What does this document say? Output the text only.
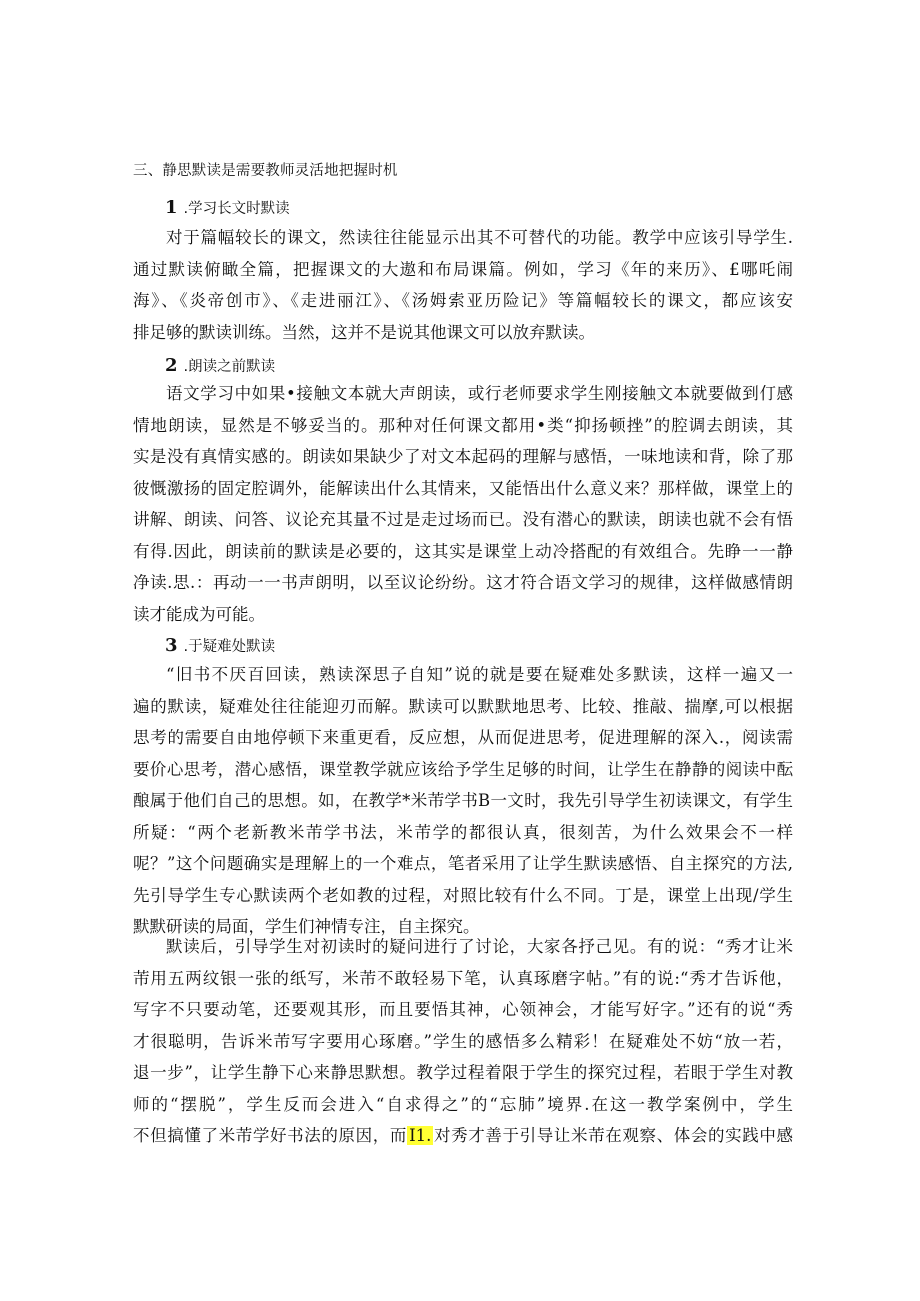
三、静思默读是需要教师灵活地把握时机
1 .学习长文时默读
对于篇幅较长的课文，然读往往能显示出其不可替代的功能。教学中应该引导学生.
通过默读俯瞰全篇，把握课文的大遨和布局课篇。例如，学习《年的来历》、£哪吒闹
海》、《炎帝创市》、《走进丽江》、《汤姆索亚历险记》等篇幅较长的课文，都应该安
排足够的默读训练。当然，这并不是说其他课文可以放弃默读。
2 .朗读之前默读
语文学习中如果•接触文本就大声朗读，或行老师要求学生刚接触文本就要做到仃感
情地朗读，显然是不够妥当的。那种对任何课文都用•类“抑扬顿挫”的腔调去朗读，其
实是没有真情实感的。朗读如果缺少了对文本起码的理解与感悟，一味地读和背，除了那
彼慨激扬的固定腔调外，能解读出什么其情来，又能悟出什么意义来？那样做，课堂上的
讲解、朗读、问答、议论充其量不过是走过场而已。没有潜心的默读，朗读也就不会有悟
有得.因此，朗读前的默读是必要的，这其实是课堂上动冷搭配的有效组合。先睁一一静
净读.思.：再动一一书声朗明，以至议论纷纷。这才符合语文学习的规律，这样做感情朗
读才能成为可能。
3 .于疑难处默读
“旧书不厌百回读，熟读深思子自知”说的就是要在疑难处多默读，这样一遍又一
遍的默读，疑难处往往能迎刃而解。默读可以默默地思考、比较、推敲、揣摩,可以根据
思考的需要自由地停顿下来重更看，反应想，从而促进思考，促进理解的深入.，阅读需
要价心思考，潜心感悟，课堂教学就应该给予学生足够的时间，让学生在静静的阅读中酝
酿属于他们自己的思想。如，在教学*米芾学书B一文时，我先引导学生初读课文，有学生
所疑：“两个老新教米芾学书法，米芾学的都很认真，很刻苦，为什么效果会不一样
呢？”这个问题确实是理解上的一个难点，笔者采用了让学生默读感悟、自主探究的方法,
先引导学生专心默读两个老如教的过程，对照比较有什么不同。丁是，课堂上出现/学生
默默研读的局面，学生们神情专注，自主探究。
默读后，引导学生对初读时的疑问进行了讨论，大家各抒己见。有的说：“秀才让米
芾用五两纹银一张的纸写，米芾不敢轻易下笔，认真琢磨字帖。”有的说:“秀才告诉他，
写字不只要动笔，还要观其形，而且要悟其神，心领神会，才能写好字。”还有的说“秀
才很聪明，告诉米芾写字要用心琢磨。”学生的感悟多么精彩！在疑难处不妨“放一若，
退一步”，让学生静下心来静思默想。教学过程着限于学生的探究过程，若眼于学生对教
师的“摆脱”，学生反而会进入“自求得之”的“忘肺”境界.在这一教学案例中，学生
不但搞懂了米芾学好书法的原因，而 I1. 对秀才善于引导让米芾在观察、体会的实践中感
